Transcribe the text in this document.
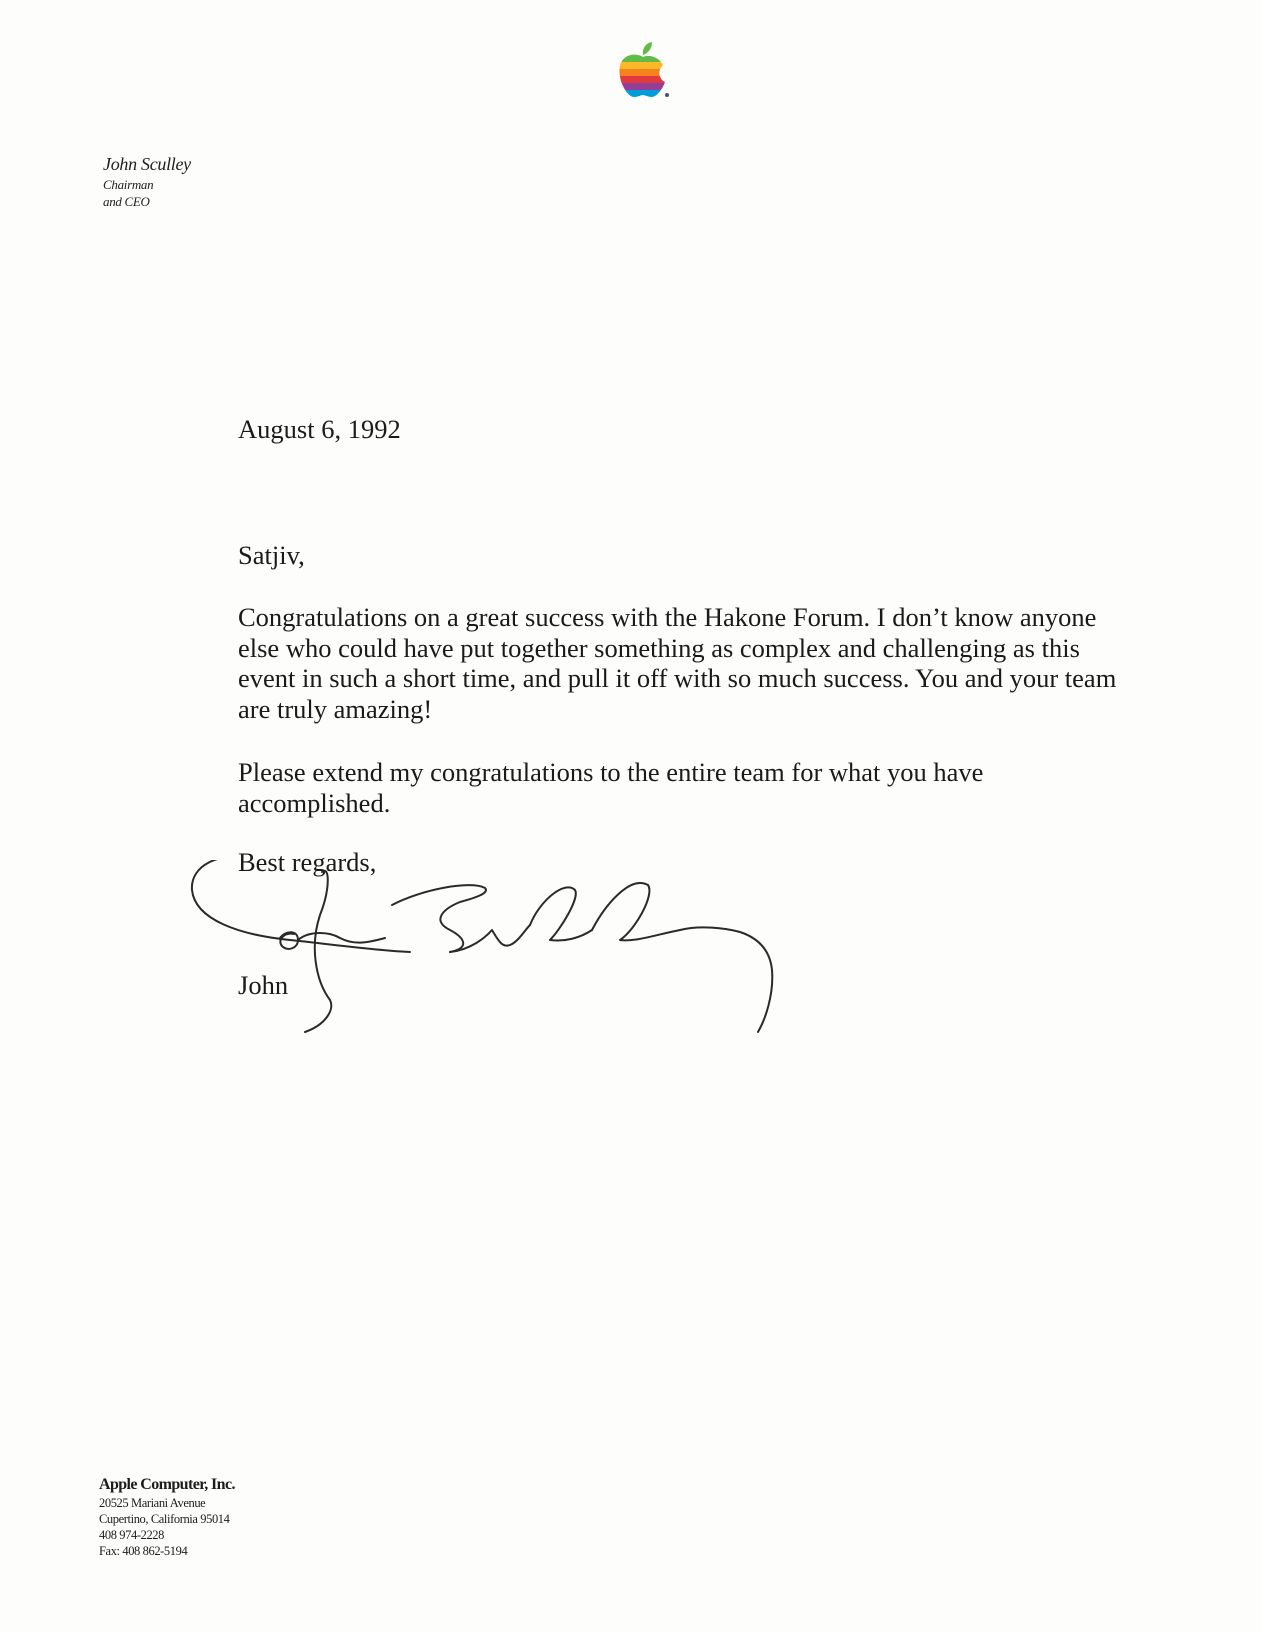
John Sculley
Chairman
and CEO

August 6, 1992

Satjiv,

Congratulations on a great success with the Hakone Forum. I don’t know anyone else who could have put together something as complex and challenging as this event in such a short time, and pull it off with so much success. You and your team are truly amazing!

Please extend my congratulations to the entire team for what you have accomplished.

Best regards,

John

Apple Computer, Inc.
20525 Mariani Avenue
Cupertino, California 95014
408 974-2228
Fax: 408 862-5194
